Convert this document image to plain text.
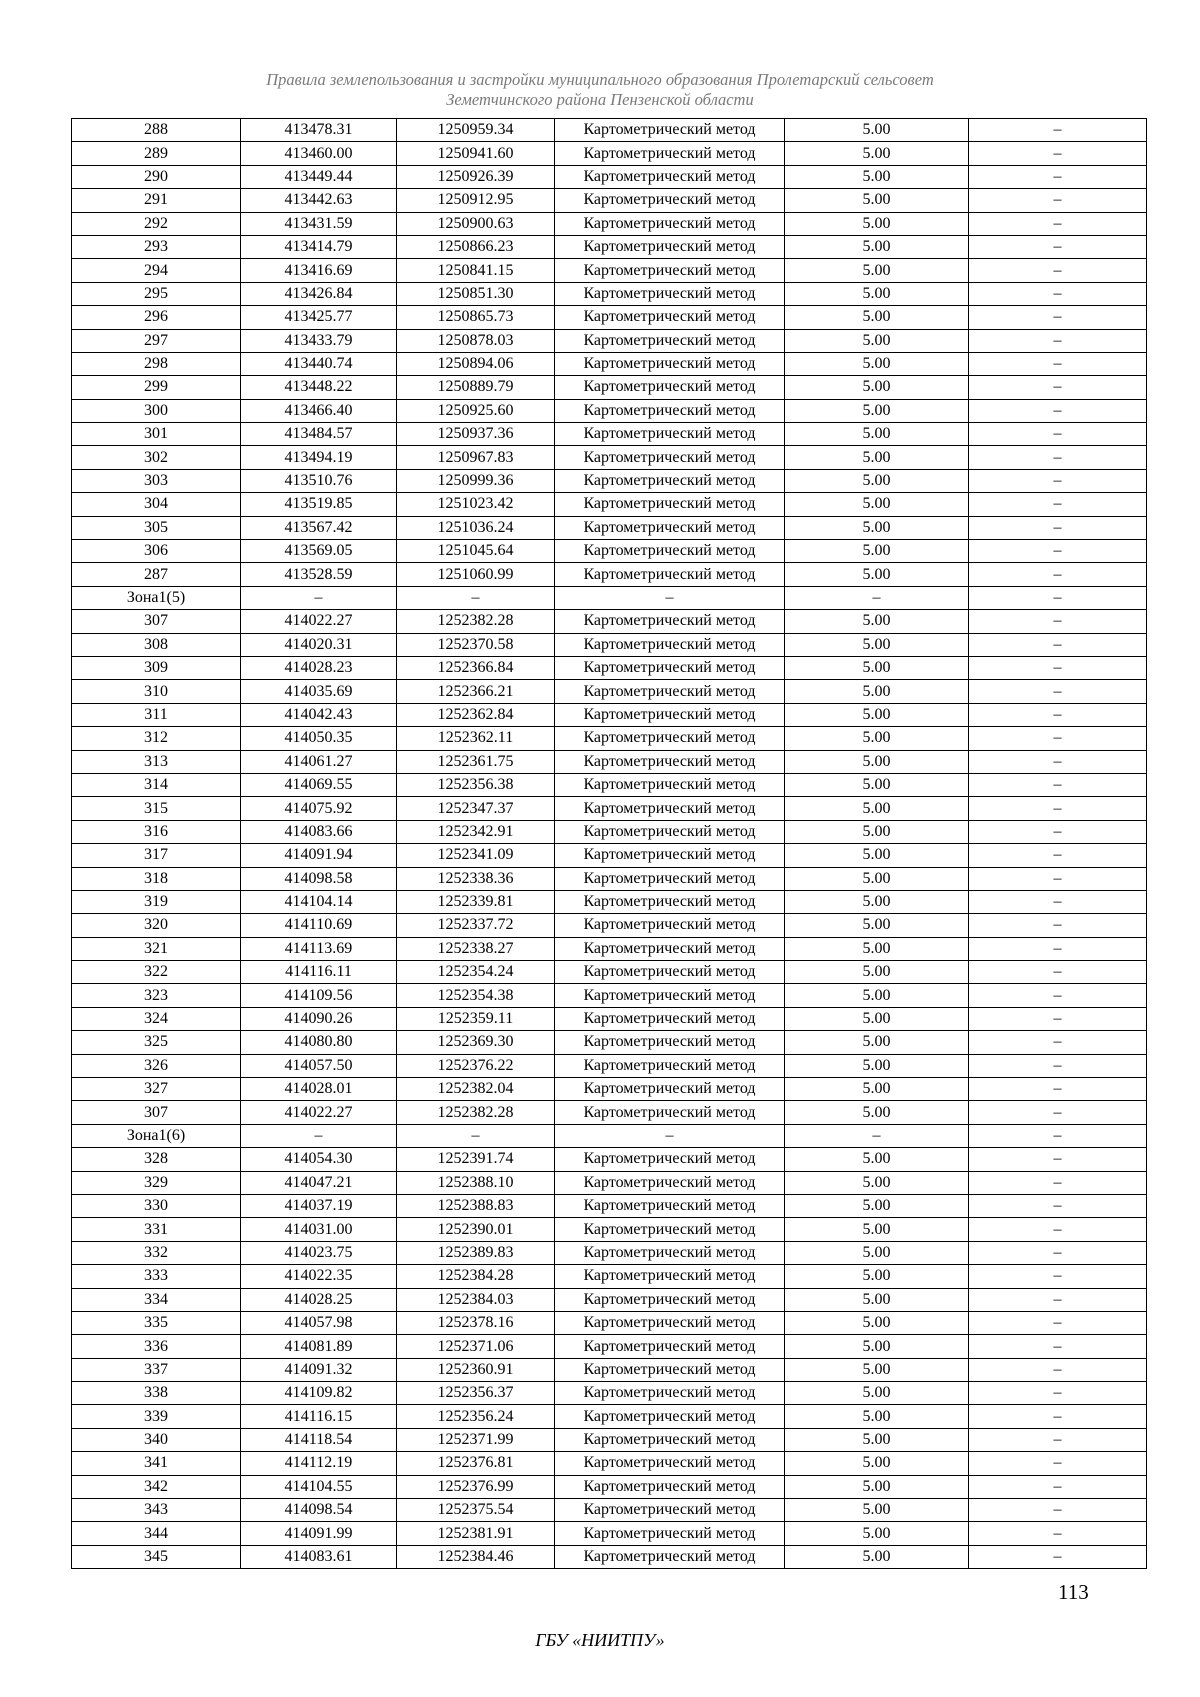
Правила землепользования и застройки муниципального образования Пролетарский сельсовет
Земетчинского района Пензенской области
288	413478.31	1250959.34	Картометрический метод	5.00	–
289	413460.00	1250941.60	Картометрический метод	5.00	–
290	413449.44	1250926.39	Картометрический метод	5.00	–
291	413442.63	1250912.95	Картометрический метод	5.00	–
292	413431.59	1250900.63	Картометрический метод	5.00	–
293	413414.79	1250866.23	Картометрический метод	5.00	–
294	413416.69	1250841.15	Картометрический метод	5.00	–
295	413426.84	1250851.30	Картометрический метод	5.00	–
296	413425.77	1250865.73	Картометрический метод	5.00	–
297	413433.79	1250878.03	Картометрический метод	5.00	–
298	413440.74	1250894.06	Картометрический метод	5.00	–
299	413448.22	1250889.79	Картометрический метод	5.00	–
300	413466.40	1250925.60	Картометрический метод	5.00	–
301	413484.57	1250937.36	Картометрический метод	5.00	–
302	413494.19	1250967.83	Картометрический метод	5.00	–
303	413510.76	1250999.36	Картометрический метод	5.00	–
304	413519.85	1251023.42	Картометрический метод	5.00	–
305	413567.42	1251036.24	Картометрический метод	5.00	–
306	413569.05	1251045.64	Картометрический метод	5.00	–
287	413528.59	1251060.99	Картометрический метод	5.00	–
Зона1(5)	–	–	–	–	–
307	414022.27	1252382.28	Картометрический метод	5.00	–
308	414020.31	1252370.58	Картометрический метод	5.00	–
309	414028.23	1252366.84	Картометрический метод	5.00	–
310	414035.69	1252366.21	Картометрический метод	5.00	–
311	414042.43	1252362.84	Картометрический метод	5.00	–
312	414050.35	1252362.11	Картометрический метод	5.00	–
313	414061.27	1252361.75	Картометрический метод	5.00	–
314	414069.55	1252356.38	Картометрический метод	5.00	–
315	414075.92	1252347.37	Картометрический метод	5.00	–
316	414083.66	1252342.91	Картометрический метод	5.00	–
317	414091.94	1252341.09	Картометрический метод	5.00	–
318	414098.58	1252338.36	Картометрический метод	5.00	–
319	414104.14	1252339.81	Картометрический метод	5.00	–
320	414110.69	1252337.72	Картометрический метод	5.00	–
321	414113.69	1252338.27	Картометрический метод	5.00	–
322	414116.11	1252354.24	Картометрический метод	5.00	–
323	414109.56	1252354.38	Картометрический метод	5.00	–
324	414090.26	1252359.11	Картометрический метод	5.00	–
325	414080.80	1252369.30	Картометрический метод	5.00	–
326	414057.50	1252376.22	Картометрический метод	5.00	–
327	414028.01	1252382.04	Картометрический метод	5.00	–
307	414022.27	1252382.28	Картометрический метод	5.00	–
Зона1(6)	–	–	–	–	–
328	414054.30	1252391.74	Картометрический метод	5.00	–
329	414047.21	1252388.10	Картометрический метод	5.00	–
330	414037.19	1252388.83	Картометрический метод	5.00	–
331	414031.00	1252390.01	Картометрический метод	5.00	–
332	414023.75	1252389.83	Картометрический метод	5.00	–
333	414022.35	1252384.28	Картометрический метод	5.00	–
334	414028.25	1252384.03	Картометрический метод	5.00	–
335	414057.98	1252378.16	Картометрический метод	5.00	–
336	414081.89	1252371.06	Картометрический метод	5.00	–
337	414091.32	1252360.91	Картометрический метод	5.00	–
338	414109.82	1252356.37	Картометрический метод	5.00	–
339	414116.15	1252356.24	Картометрический метод	5.00	–
340	414118.54	1252371.99	Картометрический метод	5.00	–
341	414112.19	1252376.81	Картометрический метод	5.00	–
342	414104.55	1252376.99	Картометрический метод	5.00	–
343	414098.54	1252375.54	Картометрический метод	5.00	–
344	414091.99	1252381.91	Картометрический метод	5.00	–
345	414083.61	1252384.46	Картометрический метод	5.00	–
113
ГБУ «НИИТПУ»
